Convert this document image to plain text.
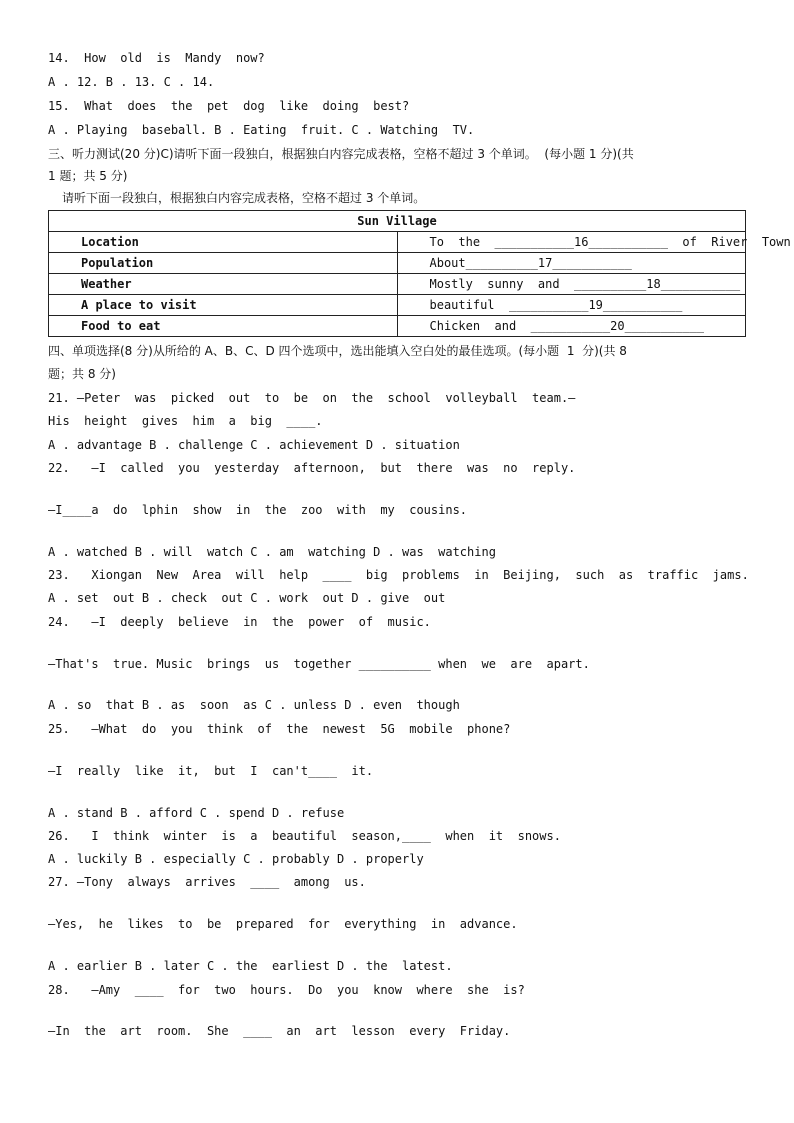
14.  How  old  is  Mandy  now?
A . 12. B . 13. C . 14.
15.  What  does  the  pet  dog  like  doing  best?
A . Playing  baseball. B . Eating  fruit. C . Watching  TV.
三、听力测试(20 分)C)请听下面一段独白，根据独白内容完成表格，空格不超过 3 个单词。  (每小题 1 分)(共
1 题；共 5 分)
请听下面一段独白，根据独白内容完成表格，空格不超过 3 个单词。
Sun Village	
Location	To  the  ___________16___________  of  River  Town
Population	About__________17___________
Weather	Mostly  sunny  and  __________18___________
A place to visit	beautiful  ___________19___________
Food to eat	Chicken  and  ___________20___________
四、单项选择(8 分)从所给的 A、B、C、D 四个选项中，选出能填入空白处的最佳选项。(每小题  1  分)(共 8
题；共 8 分)
21. —Peter  was  picked  out  to  be  on  the  school  volleyball  team.—
His  height  gives  him  a  big  ____.
A . advantage B . challenge C . achievement D . situation
22.   —I  called  you  yesterday  afternoon,  but  there  was  no  reply.
—I____a  do  lphin  show  in  the  zoo  with  my  cousins.
A . watched B . will  watch C . am  watching D . was  watching
23.   Xiongan  New  Area  will  help  ____  big  problems  in  Beijing,  such  as  traffic  jams.
A . set  out B . check  out C . work  out D . give  out
24.   —I  deeply  believe  in  the  power  of  music.
—That's  true. Music  brings  us  together __________ when  we  are  apart.
A . so  that B . as  soon  as C . unless D . even  though
25.   —What  do  you  think  of  the  newest  5G  mobile  phone?
—I  really  like  it,  but  I  can't____  it.
A . stand B . afford C . spend D . refuse
26.   I  think  winter  is  a  beautiful  season,____  when  it  snows.
A . luckily B . especially C . probably D . properly
27. —Tony  always  arrives  ____  among  us.
—Yes,  he  likes  to  be  prepared  for  everything  in  advance.
A . earlier B . later C . the  earliest D . the  latest.
28.   —Amy  ____  for  two  hours.  Do  you  know  where  she  is?
—In  the  art  room.  She  ____  an  art  lesson  every  Friday.
